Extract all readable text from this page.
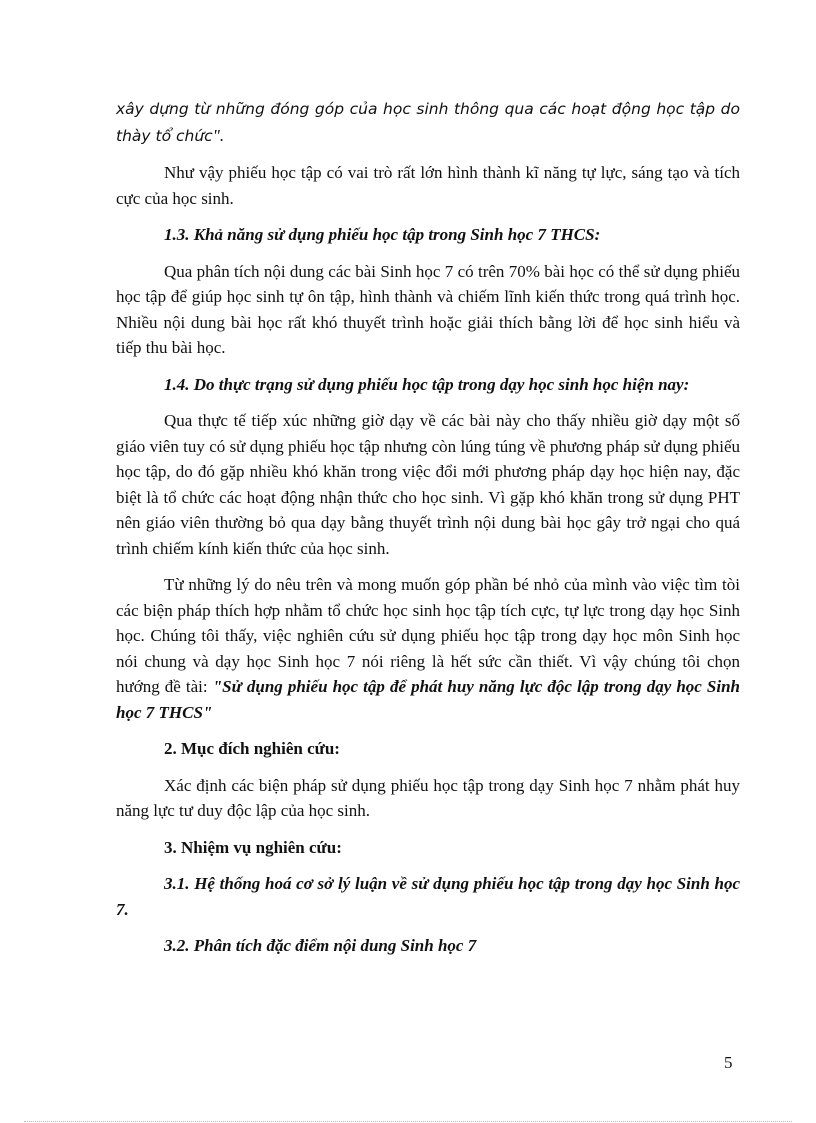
xây dựng từ những đóng góp của học sinh thông qua các hoạt động học tập do thày tổ chức".

Như vậy phiếu học tập có vai trò rất lớn hình thành kĩ năng tự lực, sáng tạo và tích cực của học sinh.

1.3. Khả năng sử dụng phiếu học tập trong Sinh học 7 THCS:

Qua phân tích nội dung các bài Sinh học 7 có trên 70% bài học có thể sử dụng phiếu học tập để giúp học sinh tự ôn tập, hình thành và chiếm lĩnh kiến thức trong quá trình học. Nhiều nội dung bài học rất khó thuyết trình hoặc giải thích bằng lời để học sinh hiểu và tiếp thu bài học.

1.4. Do thực trạng sử dụng phiếu học tập trong dạy học sinh học hiện nay:

Qua thực tế tiếp xúc những giờ dạy về các bài này cho thấy nhiều giờ dạy một số giáo viên tuy có sử dụng phiếu học tập nhưng còn lúng túng về phương pháp sử dụng phiếu học tập, do đó gặp nhiều khó khăn trong việc đổi mới phương pháp dạy học hiện nay, đặc biệt là tổ chức các hoạt động nhận thức cho học sinh. Vì gặp khó khăn trong sử dụng PHT nên giáo viên thường bỏ qua dạy bằng thuyết trình nội dung bài học gây trở ngại cho quá trình chiếm kính kiến thức của học sinh.

Từ những lý do nêu trên và mong muốn góp phần bé nhỏ của mình vào việc tìm tòi các biện pháp thích hợp nhằm tổ chức học sinh học tập tích cực, tự lực trong dạy học Sinh học. Chúng tôi thấy, việc nghiên cứu sử dụng phiếu học tập trong dạy học môn Sinh học nói chung và dạy học Sinh học 7 nói riêng là hết sức cần thiết. Vì vậy chúng tôi chọn hướng đề tài: "Sử dụng phiếu học tập để phát huy năng lực độc lập trong dạy học Sinh học 7 THCS"

2. Mục đích nghiên cứu:

Xác định các biện pháp sử dụng phiếu học tập trong dạy Sinh học 7 nhằm phát huy năng lực tư duy độc lập của học sinh.

3. Nhiệm vụ nghiên cứu:

3.1. Hệ thống hoá cơ sở lý luận về sử dụng phiếu học tập trong dạy học Sinh học 7.

3.2. Phân tích đặc điểm nội dung Sinh học 7

5
